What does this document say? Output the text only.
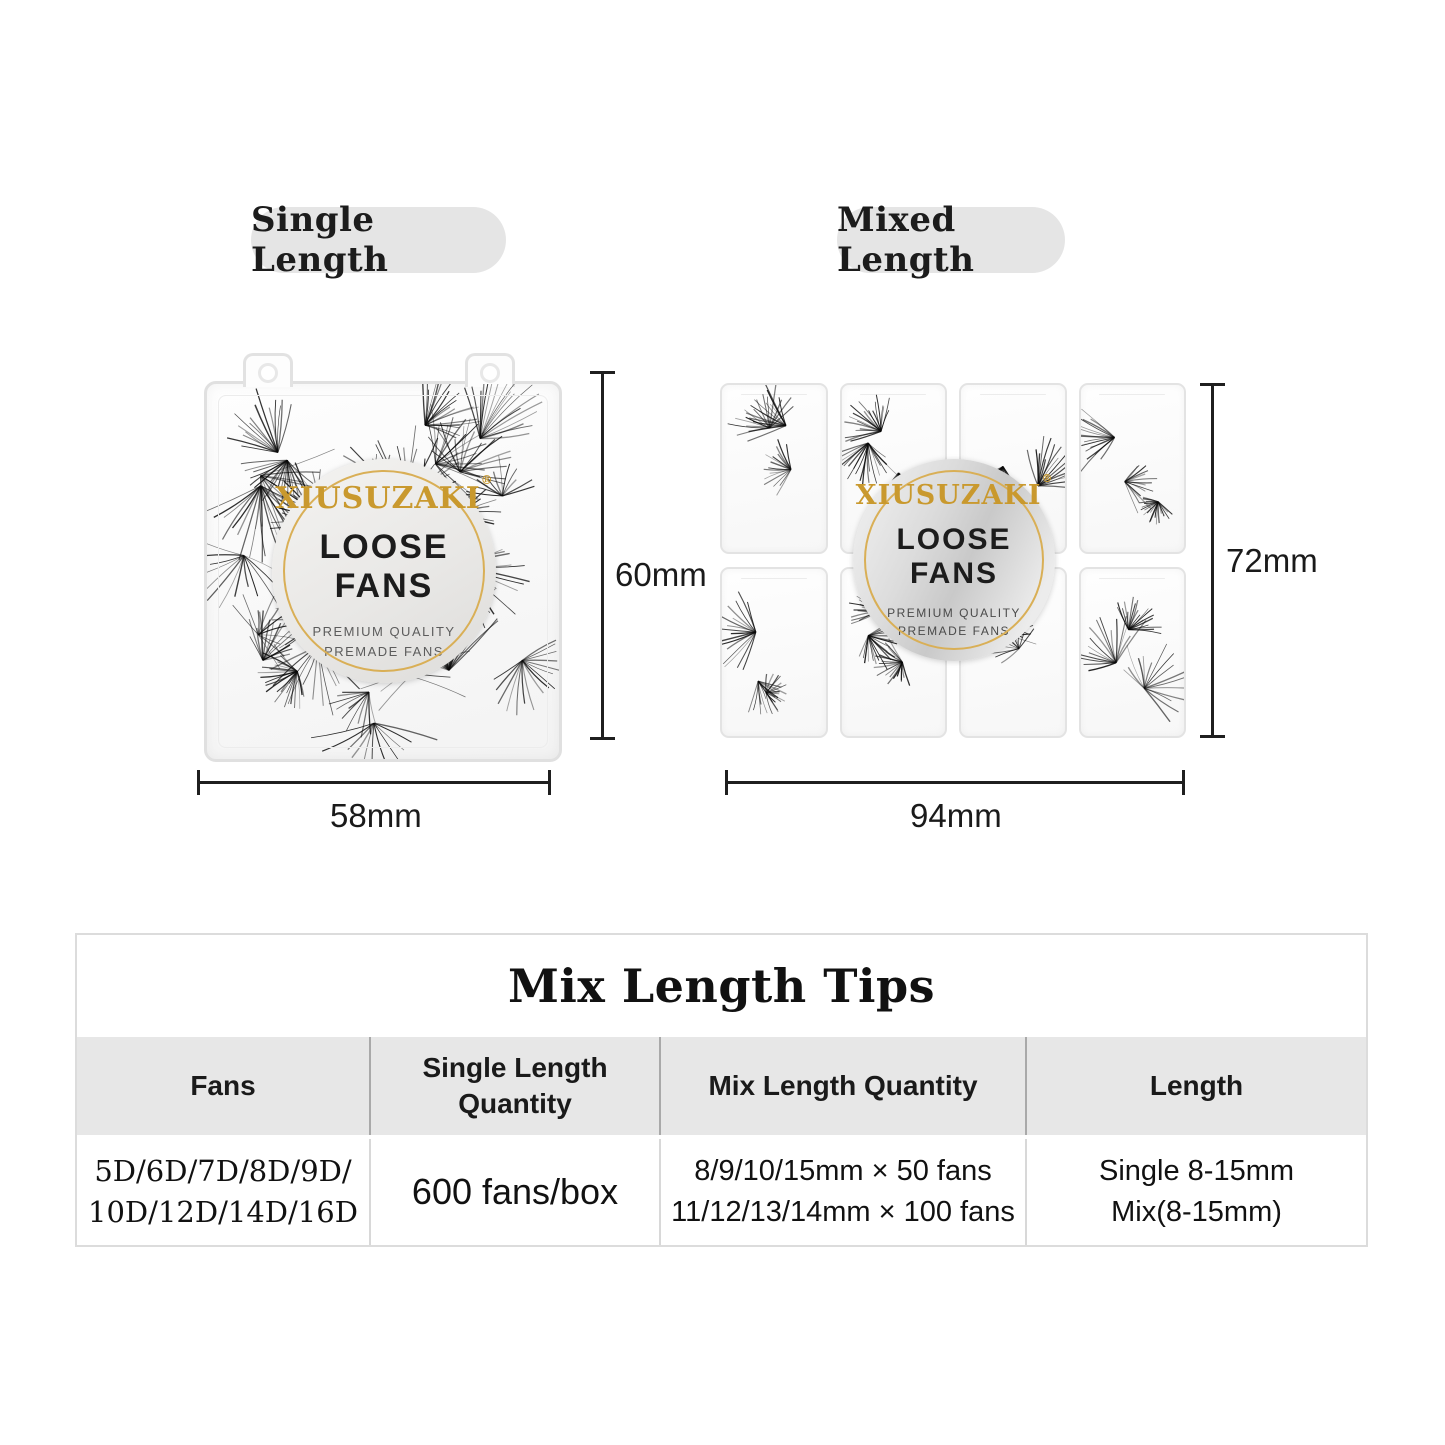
Single Length
Mixed Length
XIUSUZAKI®
LOOSE FANS
PREMIUM QUALITY
PREMADE FANS
XIUSUZAKI®
LOOSE FANS
PREMIUM QUALITY
PREMADE FANS
60mm
58mm
72mm
94mm
Mix Length Tips
Fans
Single Length Quantity
Mix Length Quantity	Length
5D/6D/7D/8D/9D/
10D/12D/14D/16D 600 fans/box	8/9/10/15mm × 50 fans
11/12/13/14mm × 100 fans
Single 8-15mm
Mix(8-15mm)
